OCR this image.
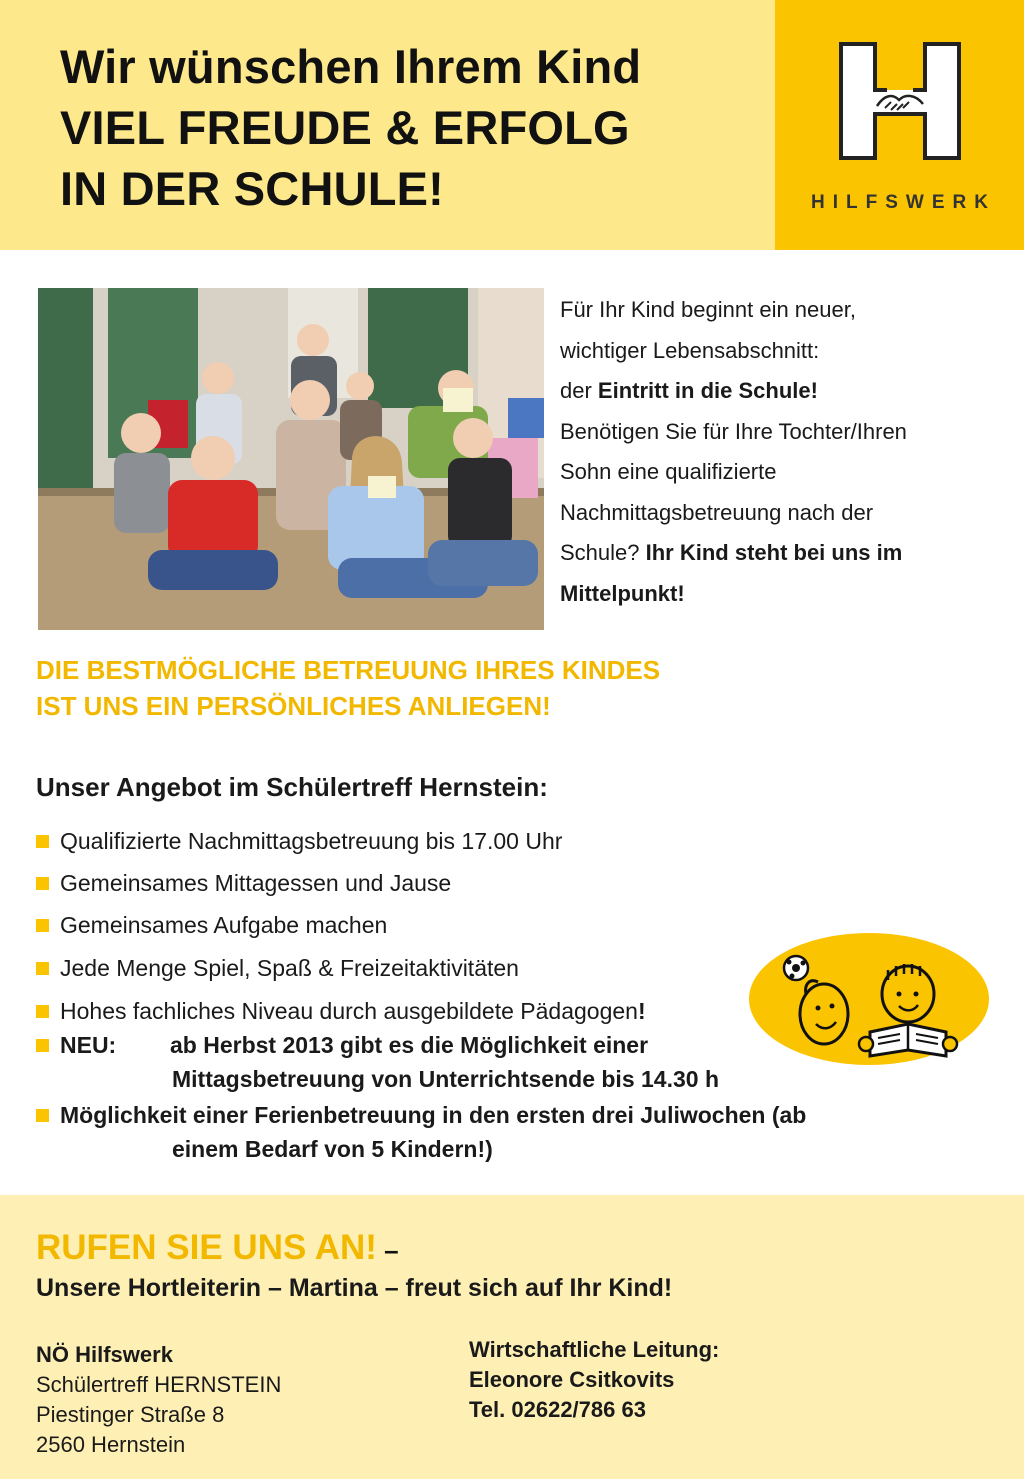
Wir wünschen Ihrem Kind
VIEL FREUDE & ERFOLG
IN DER SCHULE!	HILFSWERK

Für Ihr Kind beginnt ein neuer,
wichtiger Lebensabschnitt:
der Eintritt in die Schule!
Benötigen Sie für Ihre Tochter/Ihren
Sohn eine qualifizierte
Nachmittagsbetreuung nach der
Schule? Ihr Kind steht bei uns im
Mittelpunkt!

DIE BESTMÖGLICHE BETREUUNG IHRES KINDES
IST UNS EIN PERSÖNLICHES ANLIEGEN!

Unser Angebot im Schülertreff Hernstein:
Qualifizierte Nachmittagsbetreuung bis 17.00 Uhr
Gemeinsames Mittagessen und Jause
Gemeinsames Aufgabe machen
Jede Menge Spiel, Spaß & Freizeitaktivitäten
Hohes fachliches Niveau durch ausgebildete Pädagogen!
NEU: ab Herbst 2013 gibt es die Möglichkeit einer
Mittagsbetreuung von Unterrichtsende bis 14.30 h
Möglichkeit einer Ferienbetreuung in den ersten drei Juliwochen (ab
einem Bedarf von 5 Kindern!)
RUFEN SIE UNS AN! –

Unsere Hortleiterin – Martina – freut sich auf Ihr Kind!

NÖ Hilfswerk
Schülertreff HERNSTEIN
Piestinger Straße 8
2560 Hernstein

Wirtschaftliche Leitung:
Eleonore Csitkovits
Tel. 02622/786 63
